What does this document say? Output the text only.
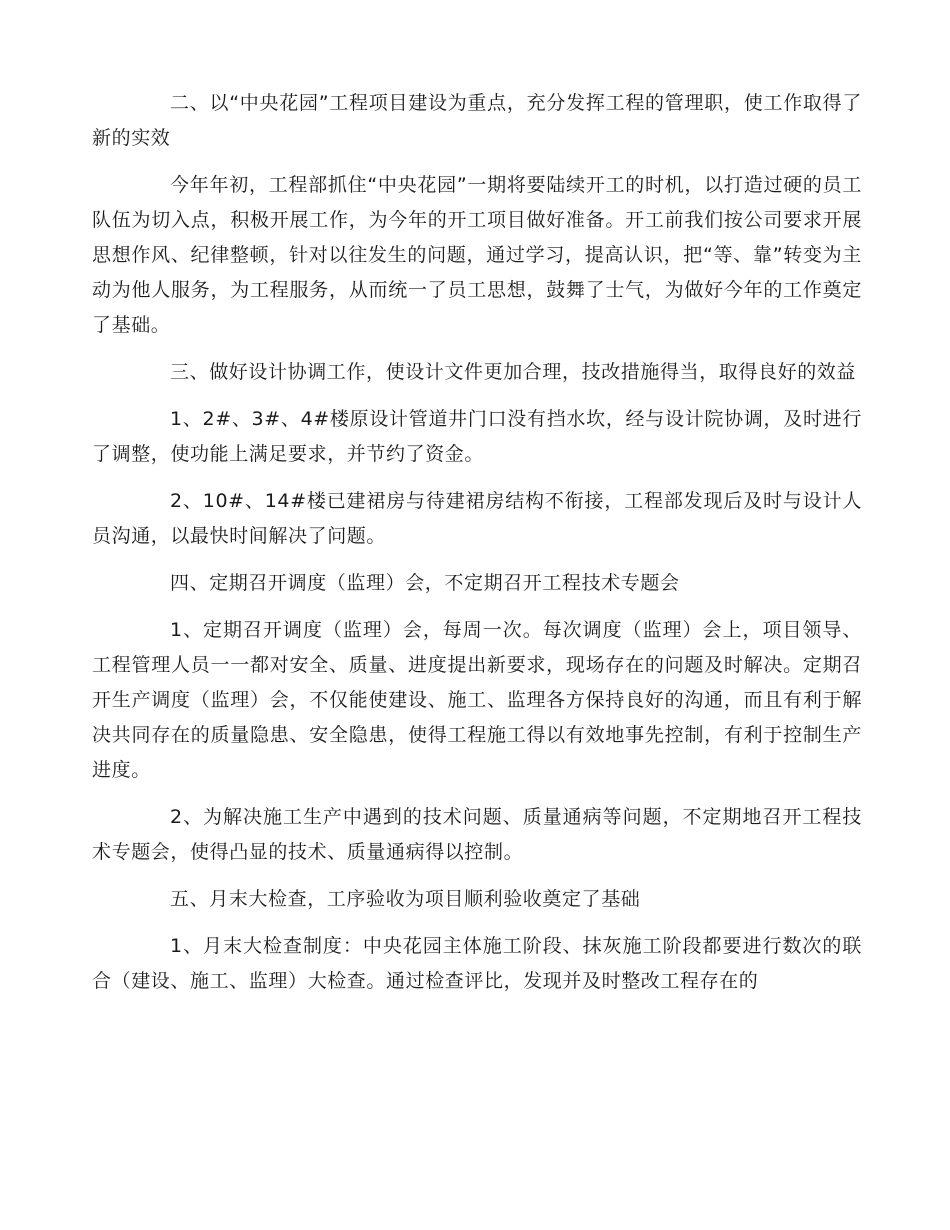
二、以“中央花园”工程项目建设为重点，充分发挥工程的管理职，使工作取得了新的实效

今年年初，工程部抓住“中央花园”一期将要陆续开工的时机，以打造过硬的员工队伍为切入点，积极开展工作，为今年的开工项目做好准备。开工前我们按公司要求开展思想作风、纪律整顿，针对以往发生的问题，通过学习，提高认识，把“等、靠”转变为主动为他人服务，为工程服务，从而统一了员工思想，鼓舞了士气，为做好今年的工作奠定了基础。

三、做好设计协调工作，使设计文件更加合理，技改措施得当，取得良好的效益

1、2#、3#、4#楼原设计管道井门口没有挡水坎，经与设计院协调，及时进行了调整，使功能上满足要求，并节约了资金。

2、10#、14#楼已建裙房与待建裙房结构不衔接，工程部发现后及时与设计人员沟通，以最快时间解决了问题。

四、定期召开调度（监理）会，不定期召开工程技术专题会

1、定期召开调度（监理）会，每周一次。每次调度（监理）会上，项目领导、工程管理人员一一都对安全、质量、进度提出新要求，现场存在的问题及时解决。定期召开生产调度（监理）会，不仅能使建设、施工、监理各方保持良好的沟通，而且有利于解决共同存在的质量隐患、安全隐患，使得工程施工得以有效地事先控制，有利于控制生产进度。

2、为解决施工生产中遇到的技术问题、质量通病等问题，不定期地召开工程技术专题会，使得凸显的技术、质量通病得以控制。

五、月末大检查，工序验收为项目顺利验收奠定了基础

1、月末大检查制度：中央花园主体施工阶段、抹灰施工阶段都要进行数次的联合（建设、施工、监理）大检查。通过检查评比，发现并及时整改工程存在的
